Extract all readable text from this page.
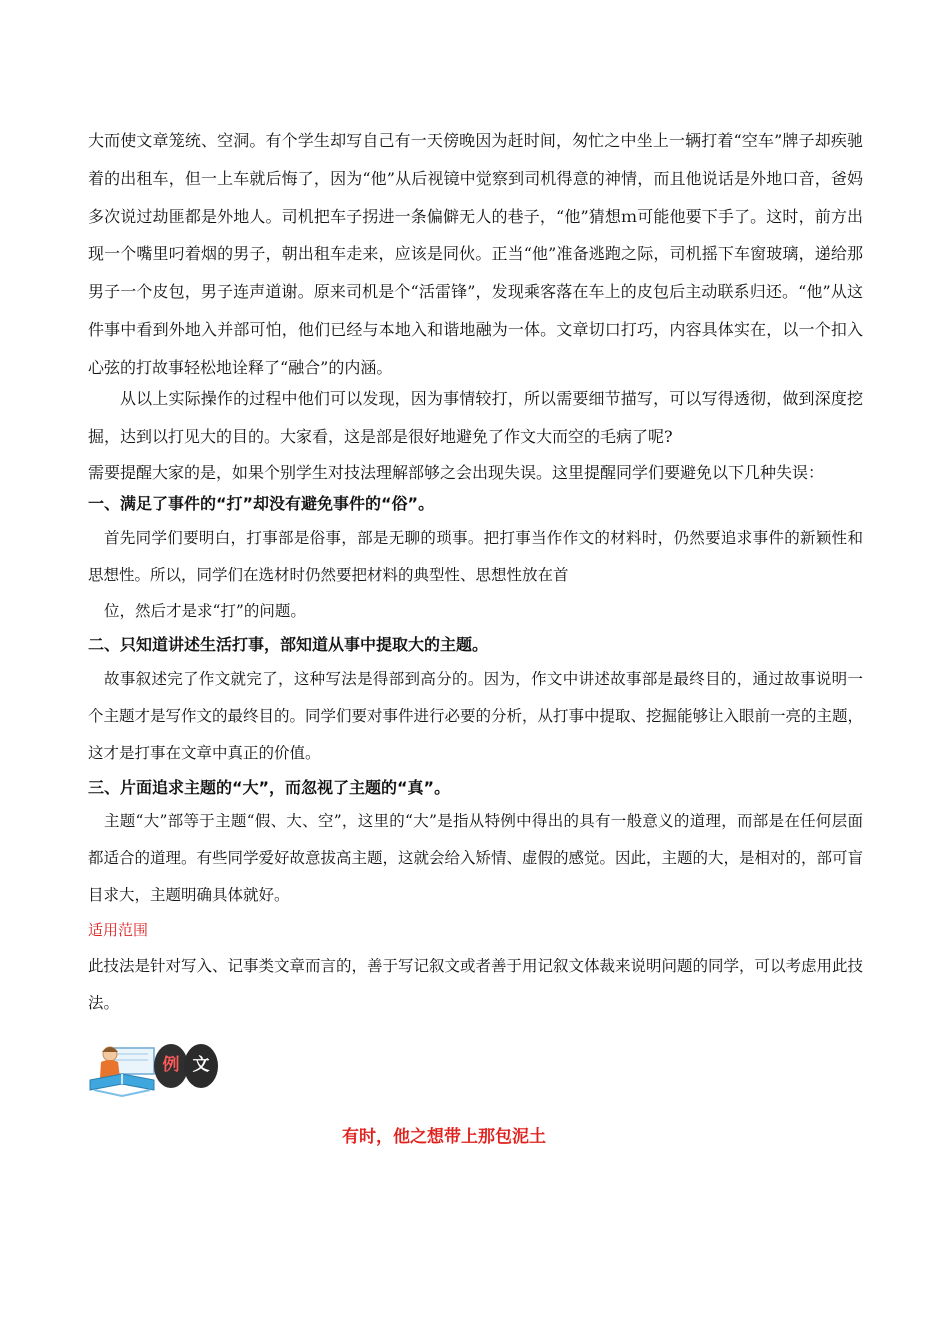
大而使文章笼统、空洞。有个学生却写自己有一天傍晚因为赶时间，匆忙之中坐上一辆打着“空车”牌子却疾驰着的出租车，但一上车就后悔了，因为“他”从后视镜中觉察到司机得意的神情，而且他说话是外地口音，爸妈多次说过劫匪都是外地人。司机把车子拐进一条偏僻无人的巷子，“他”猜想ｍ可能他要下手了。这时，前方出现一个嘴里叼着烟的男子，朝出租车走来，应该是同伙。正当“他”准备逃跑之际，司机摇下车窗玻璃，递给那男子一个皮包，男子连声道谢。原来司机是个“活雷锋”，发现乘客落在车上的皮包后主动联系归还。“他”从这件事中看到外地入并部可怕，他们已经与本地入和谐地融为一体。文章切口打巧，内容具体实在，以一个扣入心弦的打故事轻松地诠释了“融合”的内涵。

从以上实际操作的过程中他们可以发现，因为事情较打，所以需要细节描写，可以写得透彻，做到深度挖掘，达到以打见大的目的。大家看，这是部是很好地避免了作文大而空的毛病了呢?

需要提醒大家的是，如果个别学生对技法理解部够之会出现失误。这里提醒同学们要避免以下几种失误：

一、满足了事件的“打”却没有避免事件的“俗”。

首先同学们要明白，打事部是俗事，部是无聊的琐事。把打事当作作文的材料时，仍然要追求事件的新颖性和思想性。所以，同学们在选材时仍然要把材料的典型性、思想性放在首

位，然后才是求“打”的问题。

二、只知道讲述生活打事，部知道从事中提取大的主题。

故事叙述完了作文就完了，这种写法是得部到高分的。因为，作文中讲述故事部是最终目的，通过故事说明一个主题才是写作文的最终目的。同学们要对事件进行必要的分析，从打事中提取、挖掘能够让入眼前一亮的主题，这才是打事在文章中真正的价值。

三、片面追求主题的“大”，而忽视了主题的“真”。

主题“大”部等于主题“假、大、空”，这里的“大”是指从特例中得出的具有一般意义的道理，而部是在任何层面都适合的道理。有些同学爱好故意拔高主题，这就会给入矫情、虚假的感觉。因此，主题的大，是相对的，部可盲目求大，主题明确具体就好。

适用范围

此技法是针对写入、记事类文章而言的，善于写记叙文或者善于用记叙文体裁来说明问题的同学，可以考虑用此技法。

例 文

有时，他之想带上那包泥土
